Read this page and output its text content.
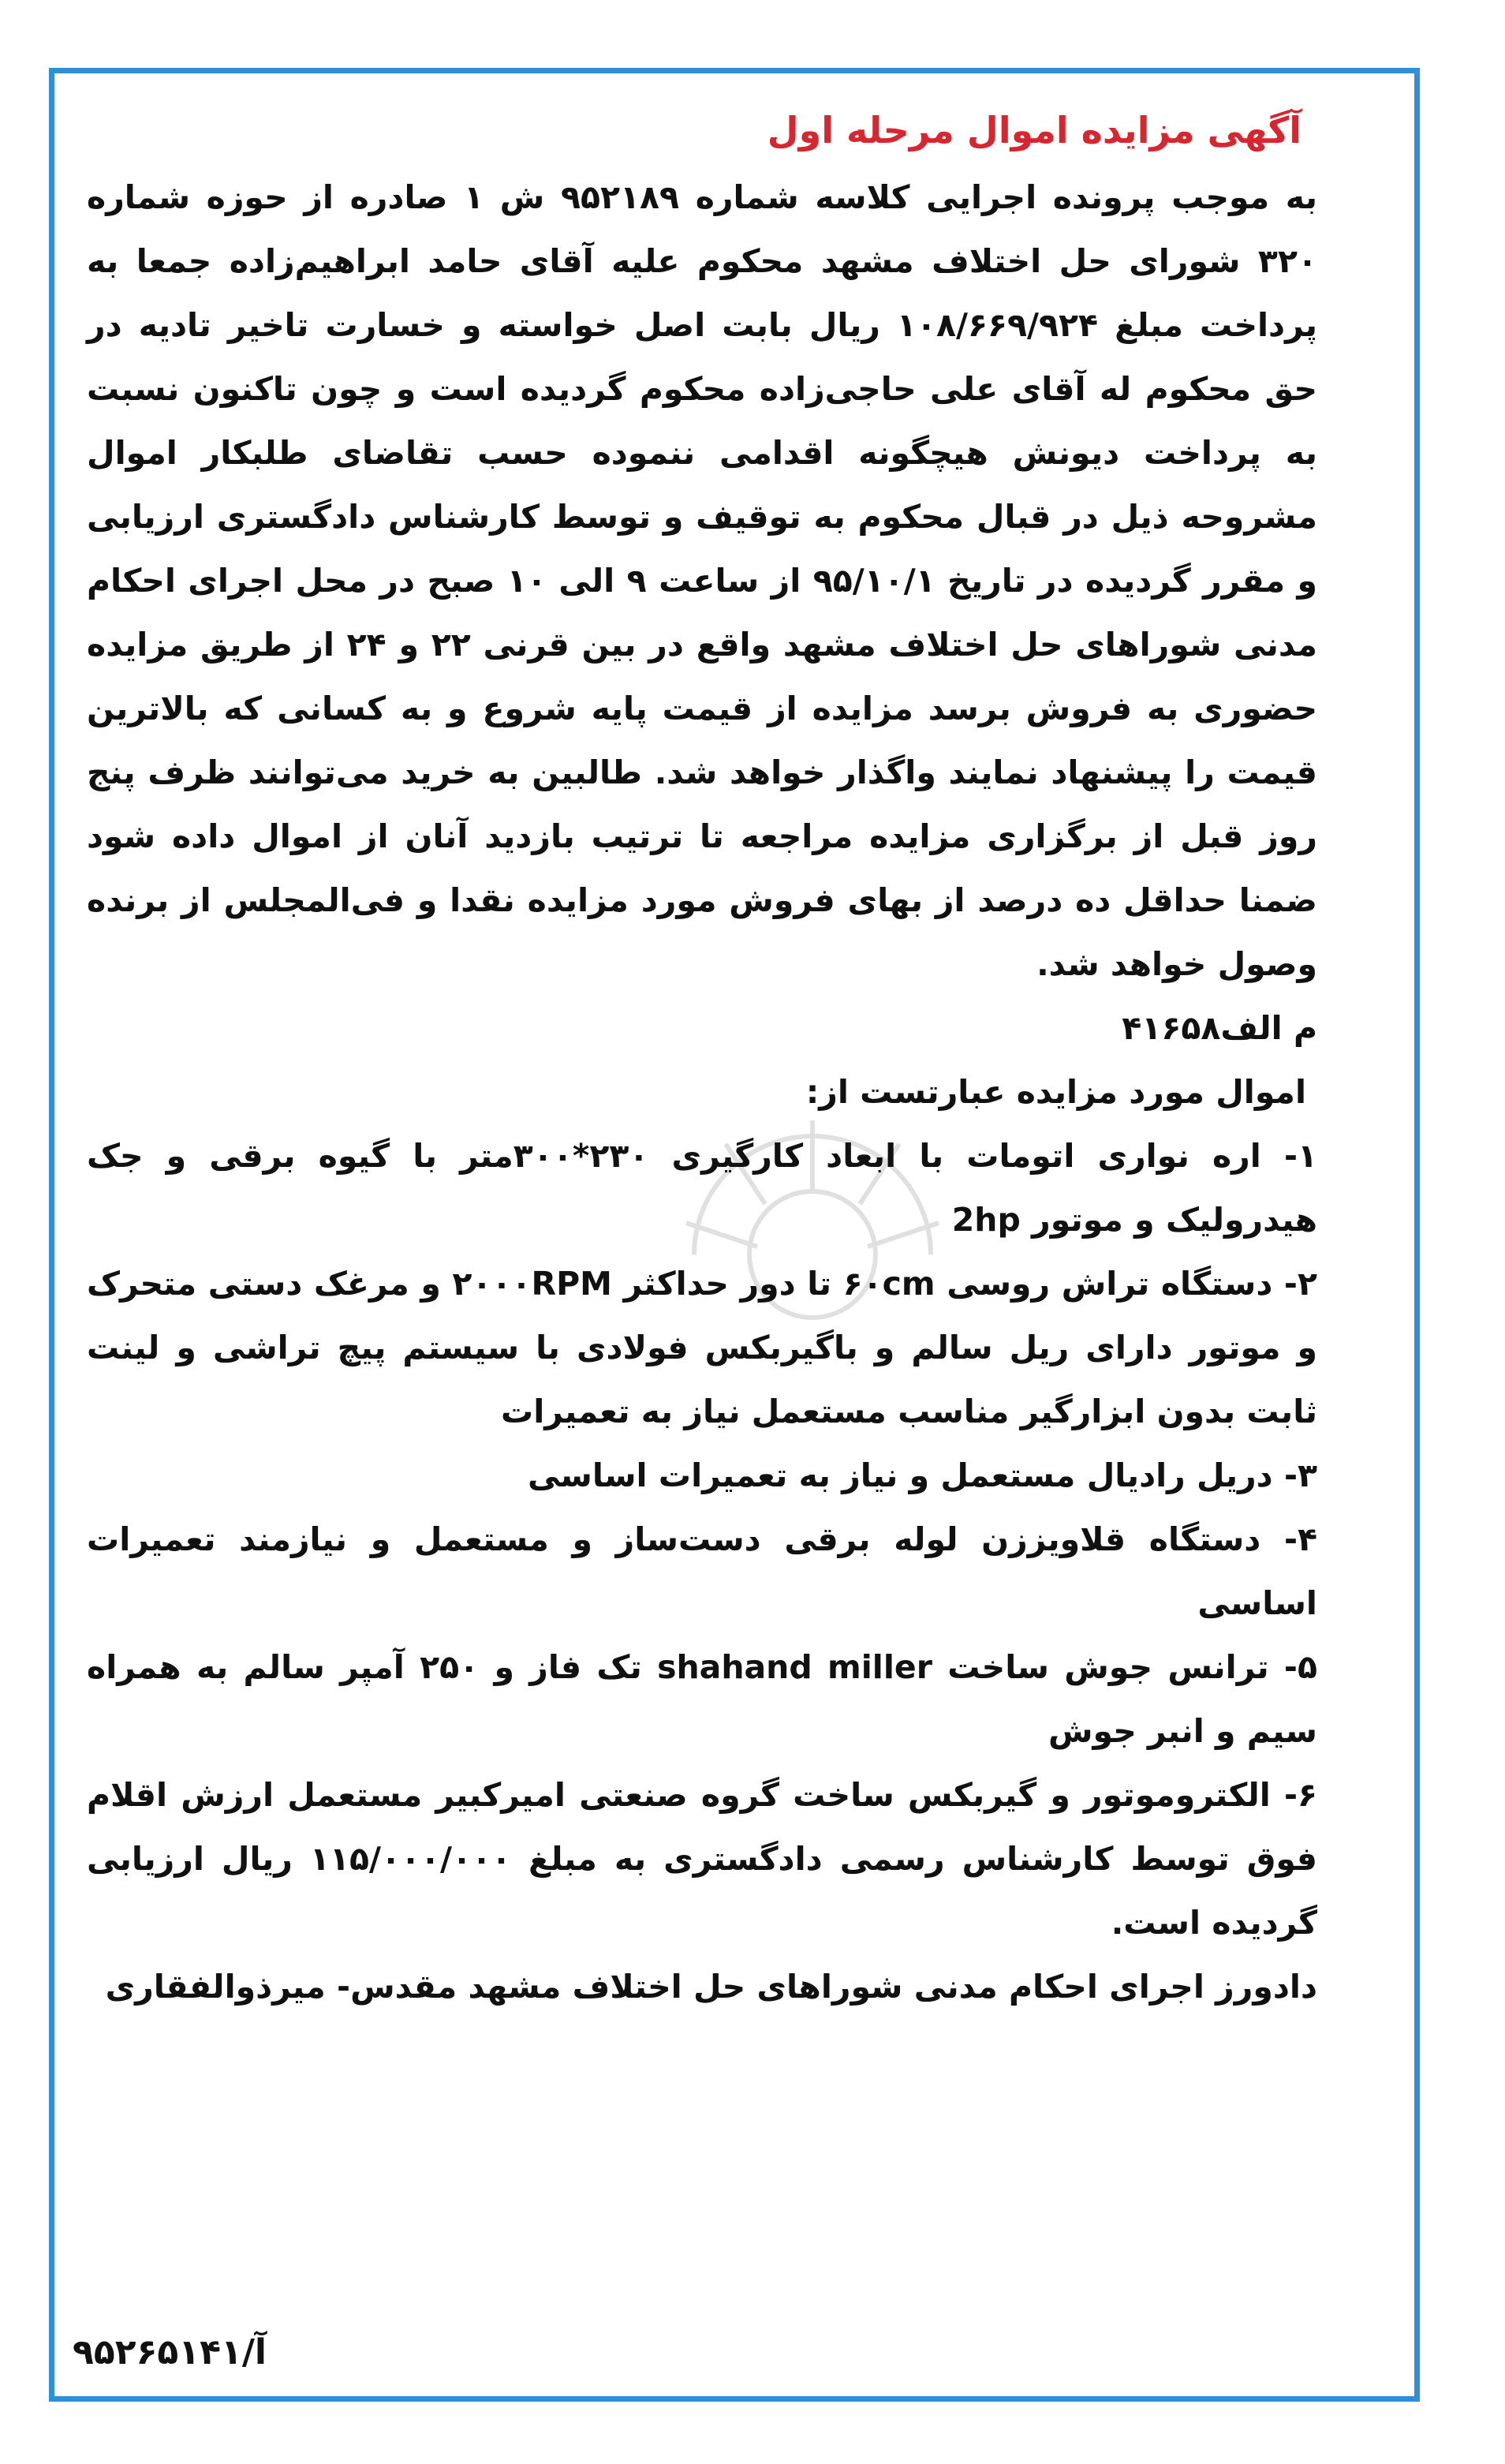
آگهی مزایده اموال مرحله اول

به موجب پرونده اجرایی کلاسه شماره ۹۵۲۱۸۹ ش ۱ صادره از حوزه شماره ۳۲۰ شورای حل اختلاف مشهد محکوم علیه آقای حامد ابراهیم‌زاده جمعا به پرداخت مبلغ ۱۰۸/۶۶۹/۹۲۴ ریال بابت اصل خواسته و خسارت تاخیر تادیه در حق محکوم له آقای علی حاجی‌زاده محکوم گردیده است و چون تاکنون نسبت به پرداخت دیونش هیچگونه اقدامی ننموده حسب تقاضای طلبکار اموال مشروحه ذیل در قبال محکوم به توقیف و توسط کارشناس دادگستری ارزیابی و مقرر گردیده در تاریخ ۹۵/۱۰/۱ از ساعت ۹ الی ۱۰ صبح در محل اجرای احکام مدنی شوراهای حل اختلاف مشهد واقع در بین قرنی ۲۲ و ۲۴ از طریق مزایده حضوری به فروش برسد مزایده از قیمت پایه شروع و به کسانی که بالاترین قیمت را پیشنهاد نمایند واگذار خواهد شد. طالبین به خرید می‌توانند ظرف پنج روز قبل از برگزاری مزایده مراجعه تا ترتیب بازدید آنان از اموال داده شود ضمنا حداقل ده درصد از بهای فروش مورد مزایده نقدا و فی‌المجلس از برنده وصول خواهد شد.

م الف۴۱۶۵۸

اموال مورد مزایده عبارتست از:

۱- اره نواری اتومات با ابعاد کارگیری ۲۳۰*۳۰۰متر با گیوه برقی و جک هیدرولیک و موتور 2hp

۲- دستگاه تراش روسی ۶۰cm تا دور حداکثر ۲۰۰۰RPM و مرغک دستی متحرک و موتور دارای ریل سالم و باگیربکس فولادی با سیستم پیچ تراشی و لینت ثابت بدون ابزارگیر مناسب مستعمل نیاز به تعمیرات

۳- دریل رادیال مستعمل و نیاز به تعمیرات اساسی

۴- دستگاه قلاویززن لوله برقی دست‌ساز و مستعمل و نیازمند تعمیرات اساسی

۵- ترانس جوش ساخت shahand miller تک فاز و ۲۵۰ آمپر سالم به همراه سیم و انبر جوش

۶- الکتروموتور و گیربکس ساخت گروه صنعتی امیرکبیر مستعمل ارزش اقلام فوق توسط کارشناس رسمی دادگستری به مبلغ ۱۱۵/۰۰۰/۰۰۰ ریال ارزیابی گردیده است.

دادورز اجرای احکام مدنی شوراهای حل اختلاف مشهد مقدس- میرذوالفقاری

آ/۹۵۲۶۵۱۴۱
